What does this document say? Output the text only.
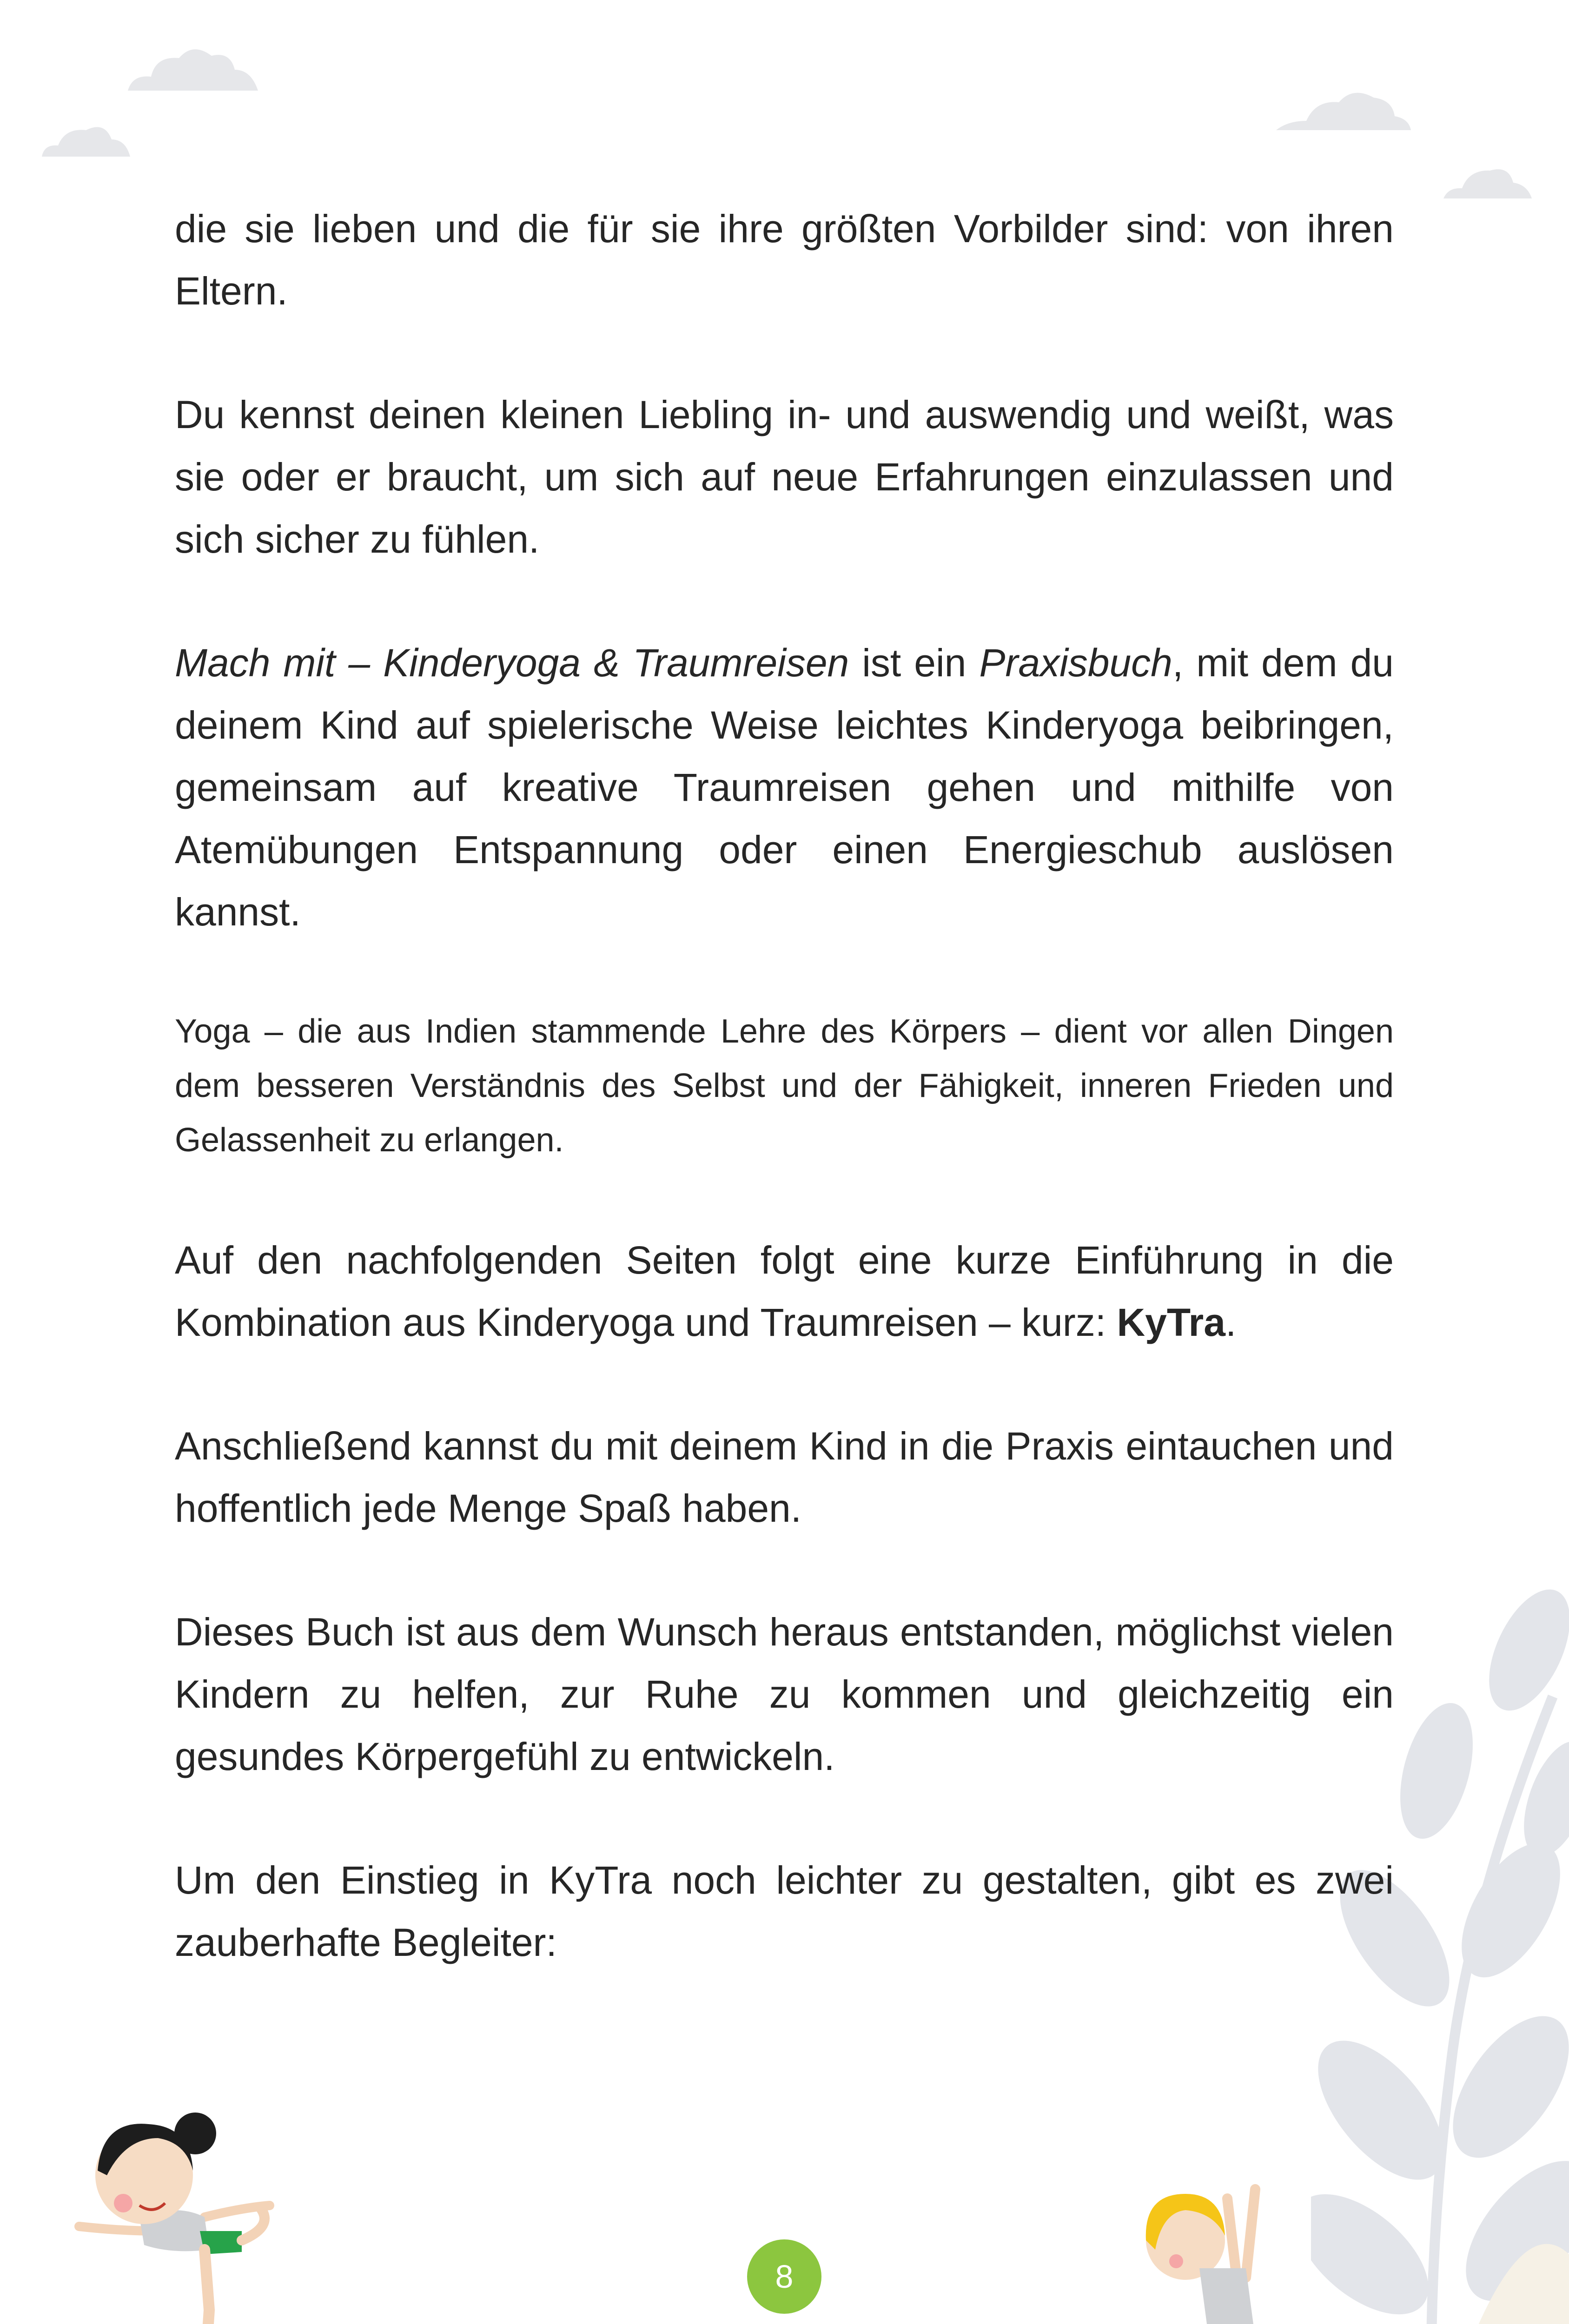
die sie lieben und die für sie ihre größten Vorbilder sind: von ihren Eltern.

Du kennst deinen kleinen Liebling in- und auswendig und weißt, was sie oder er braucht, um sich auf neue Erfahrungen einzulassen und sich sicher zu fühlen.

Mach mit – Kinderyoga & Traumreisen ist ein Praxisbuch, mit dem du deinem Kind auf spielerische Weise leichtes Kinderyoga beibringen, gemeinsam auf kreative Traumreisen gehen und mithilfe von Atemübungen Entspannung oder einen Energieschub auslösen kannst.

Yoga – die aus Indien stammende Lehre des Körpers – dient vor allen Dingen dem besseren Verständnis des Selbst und der Fähigkeit, inneren Frieden und Gelassenheit zu erlangen.

Auf den nachfolgenden Seiten folgt eine kurze Einführung in die Kombination aus Kinderyoga und Traumreisen – kurz: KyTra.

Anschließend kannst du mit deinem Kind in die Praxis eintauchen und hoffentlich jede Menge Spaß haben.

Dieses Buch ist aus dem Wunsch heraus entstanden, möglichst vielen Kindern zu helfen, zur Ruhe zu kommen und gleichzeitig ein gesundes Körpergefühl zu entwickeln.

Um den Einstieg in KyTra noch leichter zu gestalten, gibt es zwei zauberhafte Begleiter:

8
